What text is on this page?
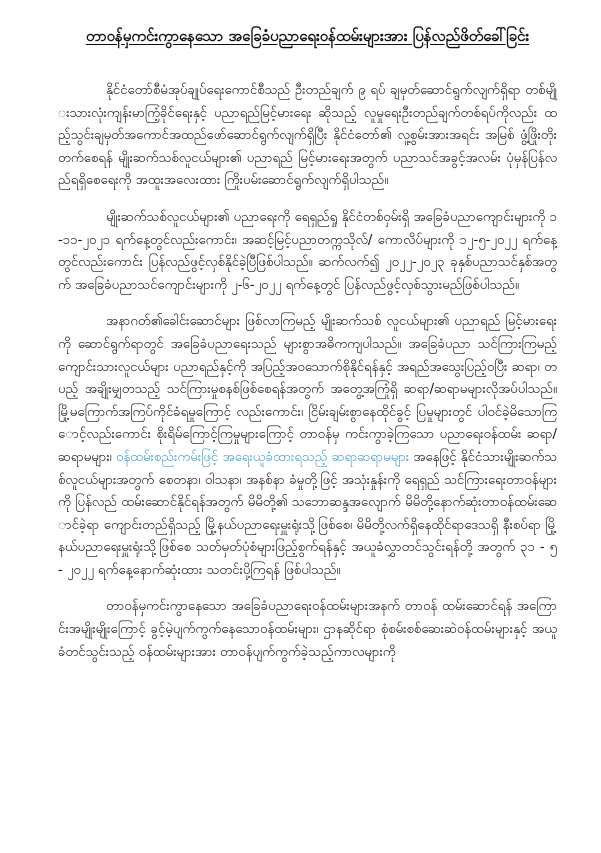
တာဝန်မှကင်းကွာနေသော အခြေခံပညာရေးဝန်ထမ်းများအား ပြန်လည်ဖိတ်ခေါ်ခြင်း

နိုင်ငံတော်စီမံအုပ်ချုပ်ရေးကောင်စီသည် ဦးတည်ချက် ၉ ရပ် ချမှတ်ဆောင်ရွက်လျက်ရှိရာ တစ်မျိုးသားလုံးကျန်းမာကြံ့ခိုင်ရေးနှင့် ပညာရည်မြင့်မားရေး ဆိုသည့် လူမှုရေးဦးတည်ချက်တစ်ရပ်ကိုလည်း ထည့်သွင်းချမှတ်အကောင်အထည်ဖော်ဆောင်ရွက်လျက်ရှိပြီး နိုင်ငံတော်၏ လူ့စွမ်းအားအရင်း အမြစ် ဖွံ့ဖြိုးတိုးတက်စေရန် မျိုးဆက်သစ်လူငယ်များ၏ ပညာရည် မြင့်မားရေးအတွက် ပညာသင်အခွင့်အလမ်း ပုံမှန်ပြန်လည်ရရှိစေရေးကို အထူးအလေးထား ကြိုးပမ်းဆောင်ရွက်လျက်ရှိပါသည်။

မျိုးဆက်သစ်လူငယ်များ၏ ပညာရေးကို ရေရှည်ရှု နိုင်ငံတစ်ဝှမ်းရှိ အခြေခံပညာကျောင်းများကို ၁-၁၁-၂၀၂၁ ရက်နေ့တွင်လည်းကောင်း၊ အဆင့်မြင့်ပညာတက္ကသိုလ်/ ကောလိပ်များကို ၁၂-၅-၂၀၂၂ ရက်နေ့တွင်လည်းကောင်း ပြန်လည်ဖွင့်လှစ်နိုင်ခဲ့ပြီဖြစ်ပါသည်။ ဆက်လက်၍ ၂၀၂၂-၂၀၂၃ ခုနှစ်ပညာသင်နှစ်အတွက် အခြေခံပညာသင်ကျောင်းများကို ၂-၆-၂၀၂၂ ရက်နေ့တွင် ပြန်လည်ဖွင့်လှစ်သွားမည်ဖြစ်ပါသည်။

အနာဂတ်၏ခေါင်းဆောင်များ ဖြစ်လာကြမည့် မျိုးဆက်သစ် လူငယ်များ၏ ပညာရည် မြင့်မားရေးကို ဆောင်ရွက်ရာတွင် အခြေခံပညာရေးသည် များစွာအဓိကကျပါသည်။ အခြေခံပညာ သင်ကြားကြမည့် ကျောင်းသားလူငယ်များ ပညာရည်နှင့်ကို အပြည့်အဝသောက်စိုနိုင်ရန်နှင့် အရည်အသွေးပြည့်ဝပြီး ဆရာ၊ တပည့် အချိုးမျှတသည့် သင်ကြားမှုစနစ်ဖြစ်စေရန်အတွက် အတွေ့အကြုံရှိ ဆရာ/ဆရာမများလိုအပ်ပါသည်။ မြို့မကြောက်အကြပ်ကိုင်ခံရမှုကြောင့် လည်းကောင်း၊ ငြိမ်းချမ်းစွာနေထိုင်ခွင့် ပြမှုများတွင် ပါဝင်ခဲ့မိသောကြောင့်လည်းကောင်း စိုးရိမ်ကြောင့်ကြမှုများကြောင့် တာဝန်မှ ကင်းကွာခဲ့ကြသော ပညာရေးဝန်ထမ်း ဆရာ/ဆရာမများ၊ ဝန်ထမ်းစည်းကမ်းဖြင့် အရေးယူခံထားရသည့် ဆရာဆရာမများ အနေဖြင့် နိုင်ငံသားမျိုးဆက်သစ်လူငယ်များအတွက် စေတနာ၊ ဝါသနာ၊ အနစ်နာ ခံမှုတို့ဖြင့် အသုံးနှုန်းကို ရေရှည် သင်ကြားရေးတာဝန်များကို ပြန်လည် ထမ်းဆောင်နိုင်ရန်အတွက် မိမိတို့၏ သဘောဆန္ဒအလျောက် မိမိတို့နောက်ဆုံးတာဝန်ထမ်းဆောင်ခဲ့ရာ ကျောင်းတည်ရှိသည့် မြို့နယ်ပညာရေးမှူးရုံးသို့ဖြစ်စေ၊ မိမိတို့လက်ရှိနေထိုင်ရာဒေသရှိ နီးစပ်ရာ မြို့နယ်ပညာရေးမှူးရုံးသို့ဖြစ်စေ သတ်မှတ်ပုံစံများဖြည့်စွက်ရန်နှင့် အယူခံလွှာတင်သွင်းရန်တို့ အတွက် ၃၁ - ၅ - ၂၀၂၂ ရက်နေ့နောက်ဆုံးထား သတင်းပို့ကြရန် ဖြစ်ပါသည်။

တာဝန်မှကင်းကွာနေသော အခြေခံပညာရေးဝန်ထမ်းများအနက် တာဝန် ထမ်းဆောင်ရန် အကြောင်းအမျိုးမျိုးကြောင့် ခွင့်မဲ့ပျက်ကွက်နေသောဝန်ထမ်းများ၊ ဌာနဆိုင်ရာ စုံစမ်းစစ်ဆေးဆဲဝန်ထမ်းများနှင့် အယူခံတင်သွင်းသည့် ဝန်ထမ်းများအား တာဝန်ပျက်ကွက်ခဲ့သည့်ကာလများကို
